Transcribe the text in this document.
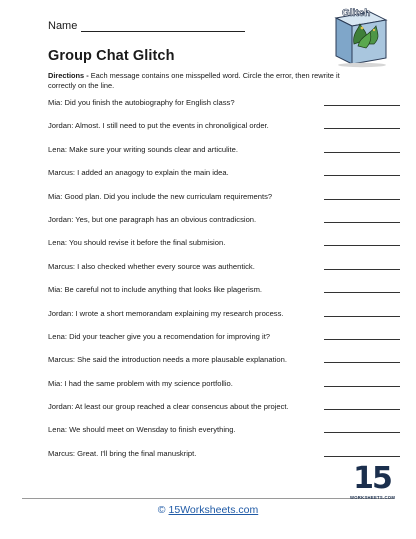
Name
Group Chat Glitch
Glitch
Directions - Each message contains one misspelled word. Circle the error, then rewrite it correctly on the line.
Mia: Did you finish the autobiography for English class?
Jordan: Almost. I still need to put the events in chronoligical order.
Lena: Make sure your writing sounds clear and articulite.
Marcus: I added an anagogy to explain the main idea.
Mia: Good plan. Did you include the new curriculam requirements?
Jordan: Yes, but one paragraph has an obvious contradicsion.
Lena: You should revise it before the final submision.
Marcus: I also checked whether every source was authentick.
Mia: Be careful not to include anything that looks like plagerism.
Jordan: I wrote a short memorandam explaining my research process.
Lena: Did your teacher give you a recomendation for improving it?
Marcus: She said the introduction needs a more plausable explanation.
Mia: I had the same problem with my science portfollio.
Jordan: At least our group reached a clear consencus about the project.
Lena: We should meet on Wensday to finish everything.
Marcus: Great. I'll bring the final manuskript.
© 15Worksheets.com
15
WORKSHEETS.COM
